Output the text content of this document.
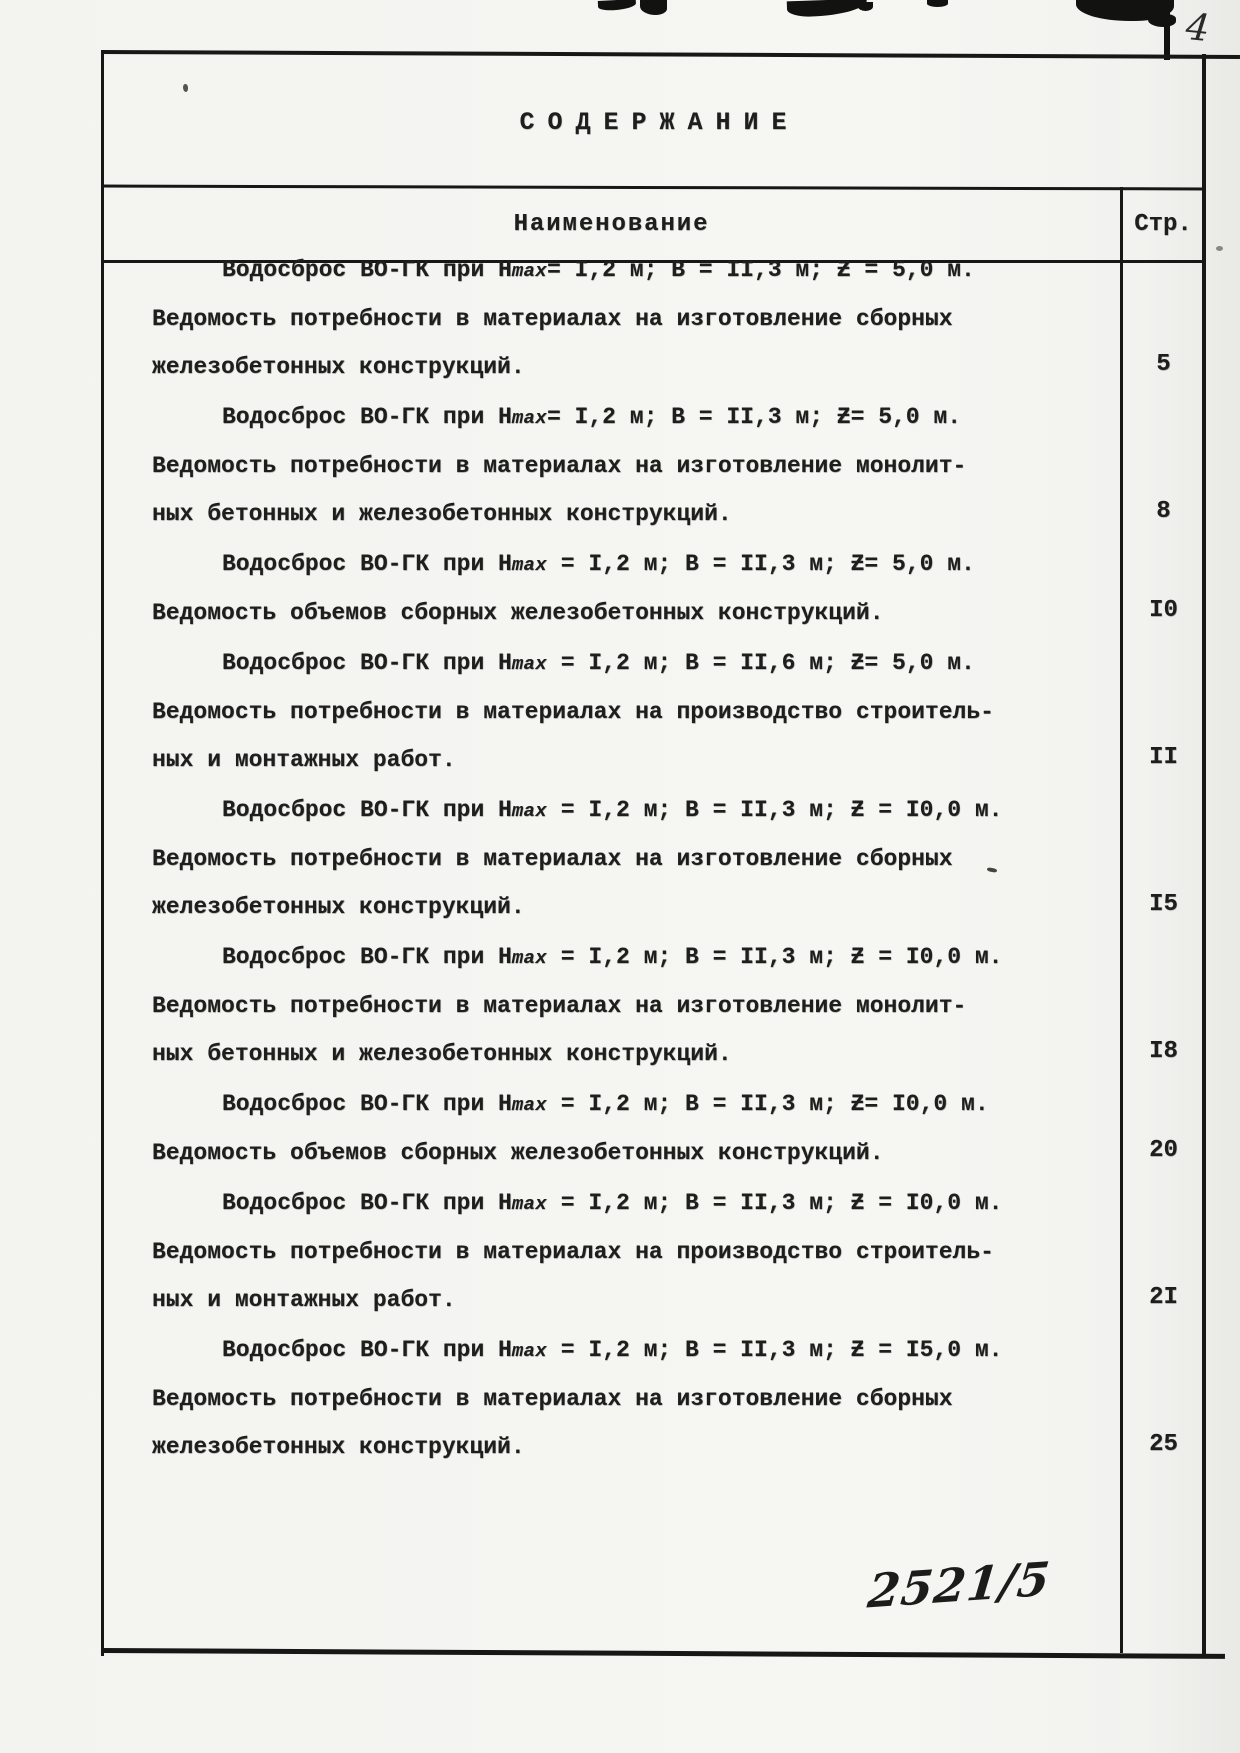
4
СОДЕРЖАНИЕ
Наименование	Стр.
Водосброс ВО-ГК при Нmax= I,2 м; В = II,3 м; Ƶ = 5,0 м.
Ведомость потребности в материалах на изготовление сборных
железобетонных конструкций.	5
Водосброс ВО-ГК при Нmax= I,2 м; В = II,3 м; Ƶ= 5,0 м.
Ведомость потребности в материалах на изготовление монолит-
ных бетонных и железобетонных конструкций.	8
Водосброс ВО-ГК при Нmax = I,2 м; В = II,3 м; Ƶ= 5,0 м.
Ведомость объемов сборных железобетонных конструкций.	I0
Водосброс ВО-ГК при Нmax = I,2 м; В = II,6 м; Ƶ= 5,0 м.
Ведомость потребности в материалах на производство строитель-
ных и монтажных работ.	II
Водосброс ВО-ГК при Нmax = I,2 м; В = II,3 м; Ƶ = I0,0 м.
Ведомость потребности в материалах на изготовление сборных
железобетонных конструкций.	I5
Водосброс ВО-ГК при Нmax = I,2 м; В = II,3 м; Ƶ = I0,0 м.
Ведомость потребности в материалах на изготовление монолит-
ных бетонных и железобетонных конструкций.	I8
Водосброс ВО-ГК при Нmax = I,2 м; В = II,3 м; Ƶ= I0,0 м.
Ведомость объемов сборных железобетонных конструкций.	20
Водосброс ВО-ГК при Нmax = I,2 м; В = II,3 м; Ƶ = I0,0 м.
Ведомость потребности в материалах на производство строитель-
ных и монтажных работ.	2I
Водосброс ВО-ГК при Нmax = I,2 м; В = II,3 м; Ƶ = I5,0 м.
Ведомость потребности в материалах на изготовление сборных
железобетонных конструкций.	25
2521/5
